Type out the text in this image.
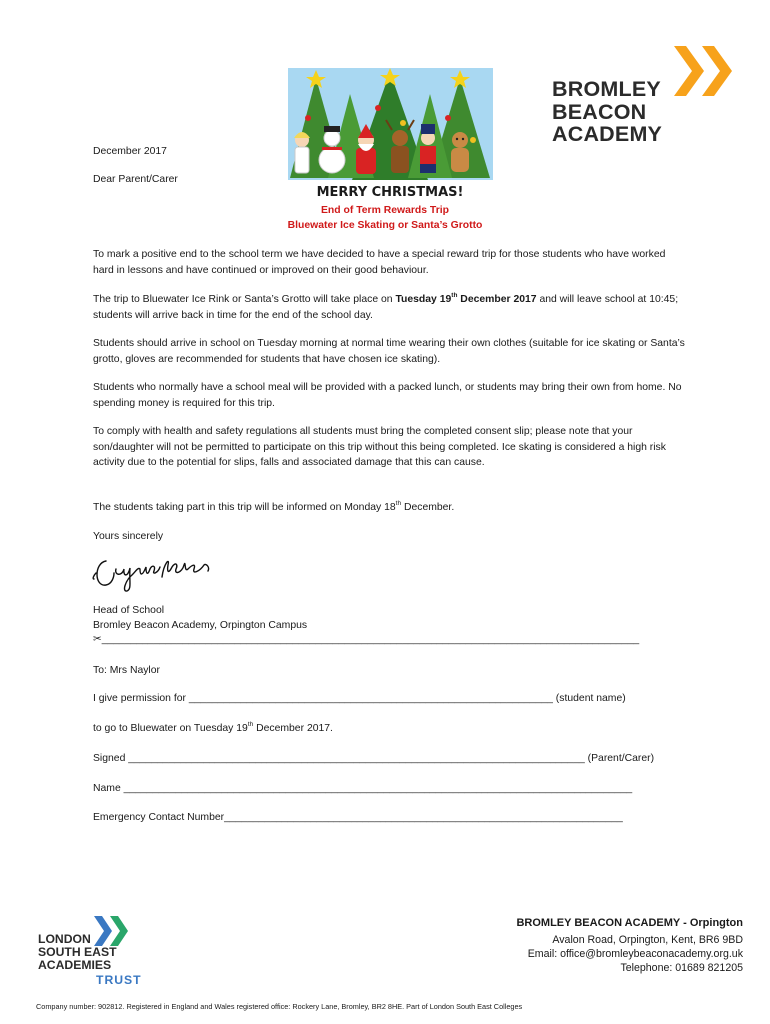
MERRY CHRISTMAS!
BROMLEY
BEACON
ACADEMY

December 2017

Dear Parent/Carer

End of Term Rewards Trip
Bluewater Ice Skating or Santa’s Grotto

To mark a positive end to the school term we have decided to have a special reward trip for those students who have worked hard in lessons and have continued or improved on their good behaviour.

The trip to Bluewater Ice Rink or Santa’s Grotto will take place on Tuesday 19th December 2017 and will leave school at 10:45; students will arrive back in time for the end of the school day.

Students should arrive in school on Tuesday morning at normal time wearing their own clothes (suitable for ice skating or Santa’s grotto, gloves are recommended for students that have chosen ice skating).

Students who normally have a school meal will be provided with a packed lunch, or students may bring their own from home. No spending money is required for this trip.

To comply with health and safety regulations all students must bring the completed consent slip; please note that your son/daughter will not be permitted to participate on this trip without this being completed. Ice skating is considered a high risk activity due to the potential for slips, falls and associated damage that this can cause.

The students taking part in this trip will be informed on Monday 18th December.

Yours sincerely

Head of School

Bromley Beacon Academy, Orpington Campus

✂_____________________________________________________________________________________________

To: Mrs Naylor

I give permission for _______________________________________________________________ (student name)

to go to Bluewater on Tuesday 19th December 2017.

Signed _______________________________________________________________________________ (Parent/Carer)

Name ________________________________________________________________________________________

Emergency Contact Number_____________________________________________________________________

LONDON
SOUTH EAST
ACADEMIES
TRUST
BROMLEY BEACON ACADEMY - Orpington
Avalon Road, Orpington, Kent, BR6 9BD
Email: office@bromleybeaconacademy.org.uk
Telephone: 01689 821205
Company number: 902812. Registered in England and Wales registered office: Rockery Lane, Bromley, BR2 8HE. Part of London South East Colleges
